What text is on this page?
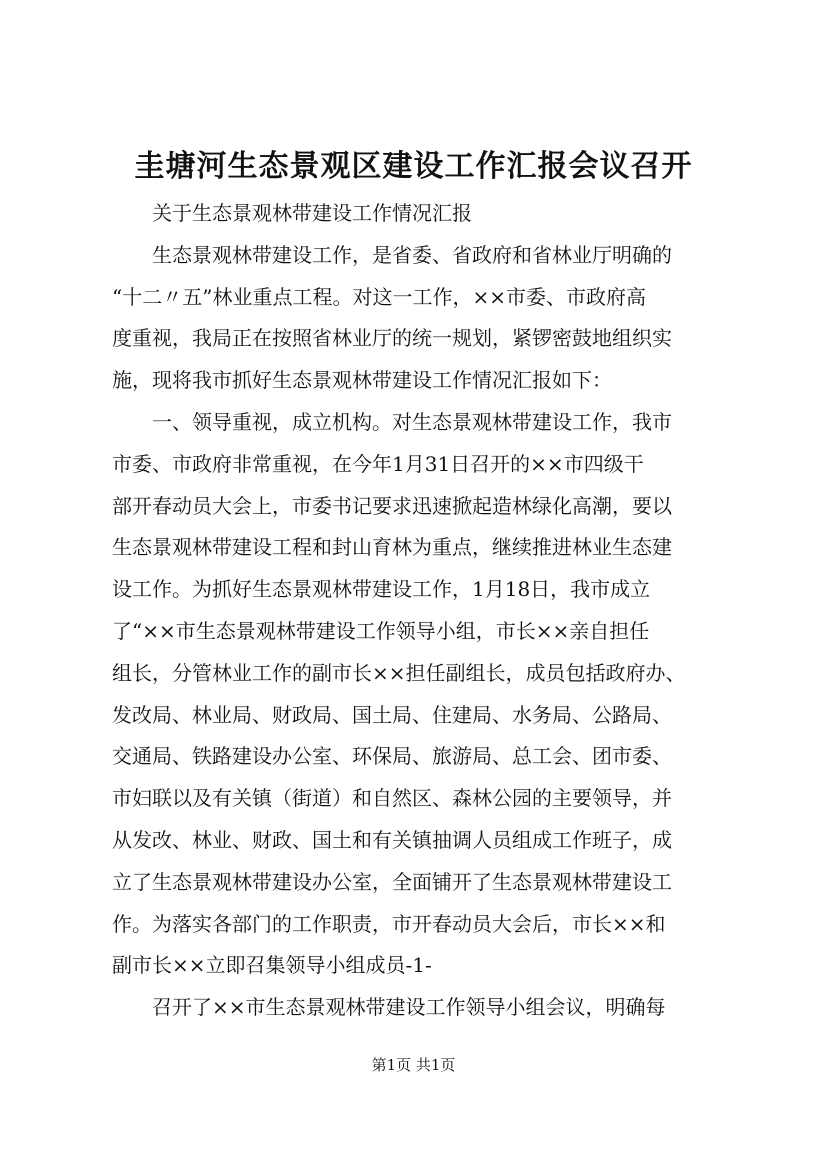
圭塘河生态景观区建设工作汇报会议召开
关于生态景观林带建设工作情况汇报
生态景观林带建设工作，是省委、省政府和省林业厅明确的
“十二〃五”林业重点工程。对这一工作，××市委、市政府高
度重视，我局正在按照省林业厅的统一规划，紧锣密鼓地组织实
施，现将我市抓好生态景观林带建设工作情况汇报如下：
一、领导重视，成立机构。对生态景观林带建设工作，我市
市委、市政府非常重视，在今年1月31日召开的××市四级干
部开春动员大会上，市委书记要求迅速掀起造林绿化高潮，要以
生态景观林带建设工程和封山育林为重点，继续推进林业生态建
设工作。为抓好生态景观林带建设工作，1月18日，我市成立
了“××市生态景观林带建设工作领导小组，市长××亲自担任
组长，分管林业工作的副市长××担任副组长，成员包括政府办、
发改局、林业局、财政局、国土局、住建局、水务局、公路局、
交通局、铁路建设办公室、环保局、旅游局、总工会、团市委、
市妇联以及有关镇（街道）和自然区、森林公园的主要领导，并
从发改、林业、财政、国土和有关镇抽调人员组成工作班子，成
立了生态景观林带建设办公室，全面铺开了生态景观林带建设工
作。为落实各部门的工作职责，市开春动员大会后，市长××和
副市长××立即召集领导小组成员-1-
召开了××市生态景观林带建设工作领导小组会议，明确每
第1页 共1页
